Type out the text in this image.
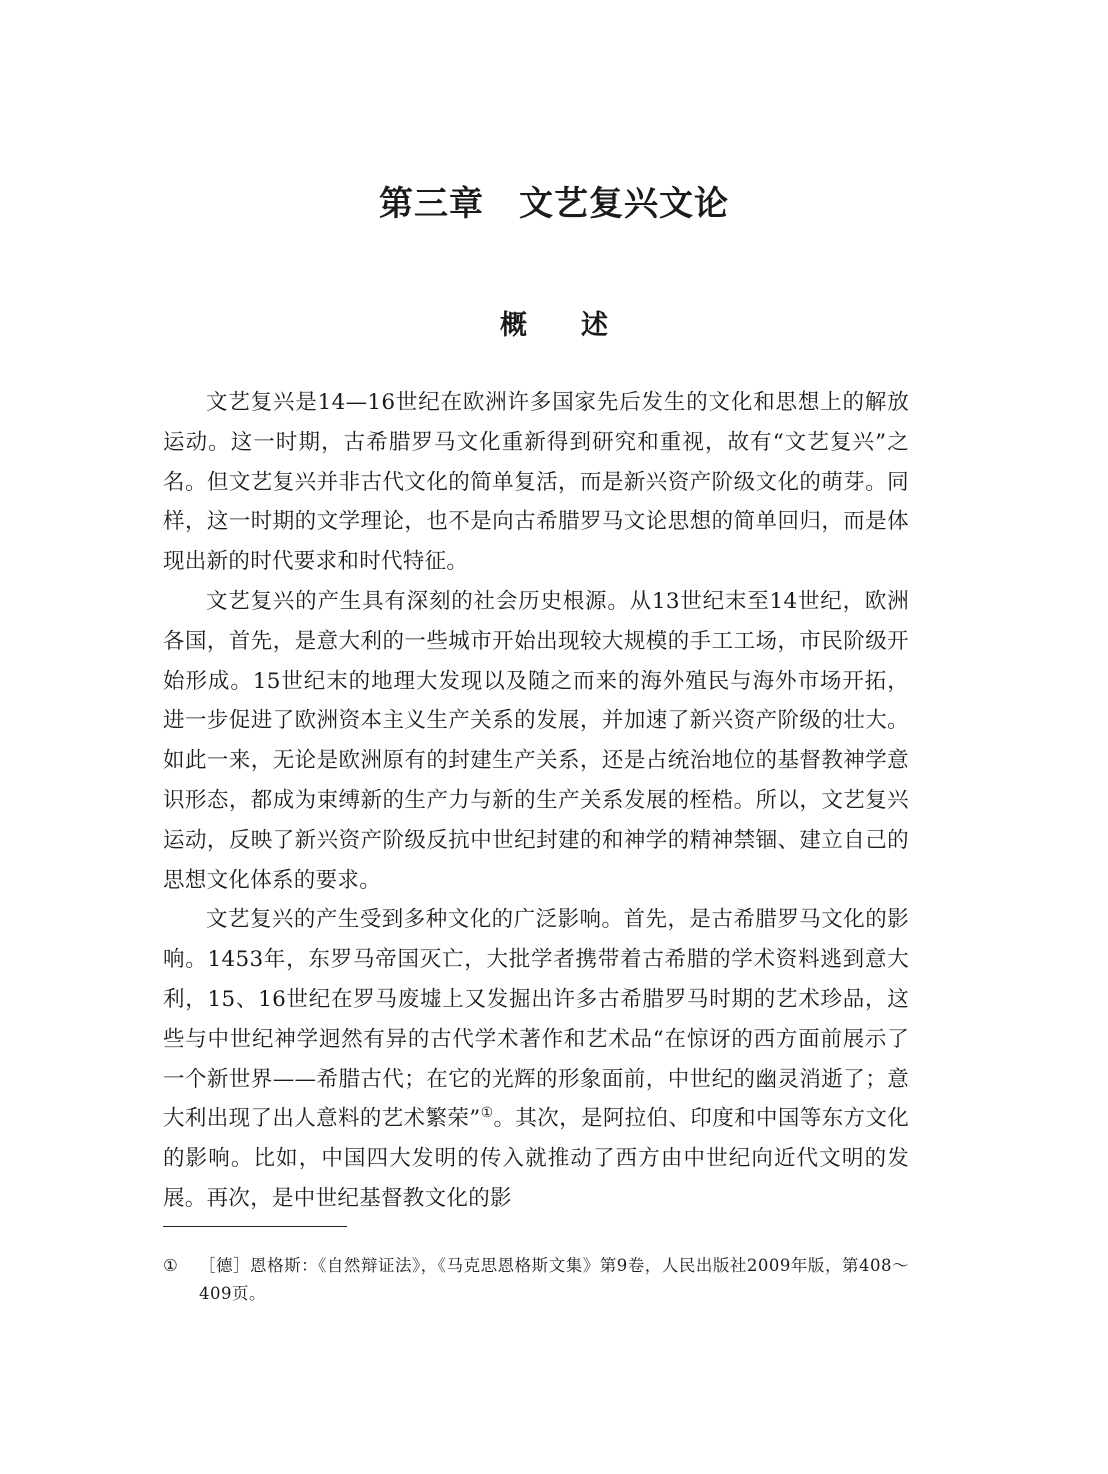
第三章　文艺复兴文论
概　　述

文艺复兴是14—16世纪在欧洲许多国家先后发生的文化和思想上的解放运动。这一时期，古希腊罗马文化重新得到研究和重视，故有“文艺复兴”之名。但文艺复兴并非古代文化的简单复活，而是新兴资产阶级文化的萌芽。同样，这一时期的文学理论，也不是向古希腊罗马文论思想的简单回归，而是体现出新的时代要求和时代特征。

文艺复兴的产生具有深刻的社会历史根源。从13世纪末至14世纪，欧洲各国，首先，是意大利的一些城市开始出现较大规模的手工工场，市民阶级开始形成。15世纪末的地理大发现以及随之而来的海外殖民与海外市场开拓，进一步促进了欧洲资本主义生产关系的发展，并加速了新兴资产阶级的壮大。如此一来，无论是欧洲原有的封建生产关系，还是占统治地位的基督教神学意识形态，都成为束缚新的生产力与新的生产关系发展的桎梏。所以，文艺复兴运动，反映了新兴资产阶级反抗中世纪封建的和神学的精神禁锢、建立自己的思想文化体系的要求。

文艺复兴的产生受到多种文化的广泛影响。首先，是古希腊罗马文化的影响。1453年，东罗马帝国灭亡，大批学者携带着古希腊的学术资料逃到意大利，15、16世纪在罗马废墟上又发掘出许多古希腊罗马时期的艺术珍品，这些与中世纪神学迥然有异的古代学术著作和艺术品“在惊讶的西方面前展示了一个新世界——希腊古代；在它的光辉的形象面前，中世纪的幽灵消逝了；意大利出现了出人意料的艺术繁荣”①。其次，是阿拉伯、印度和中国等东方文化的影响。比如，中国四大发明的传入就推动了西方由中世纪向近代文明的发展。再次，是中世纪基督教文化的影

①	［德］恩格斯：《自然辩证法》，《马克思恩格斯文集》第9卷，人民出版社2009年版，第408～409页。
